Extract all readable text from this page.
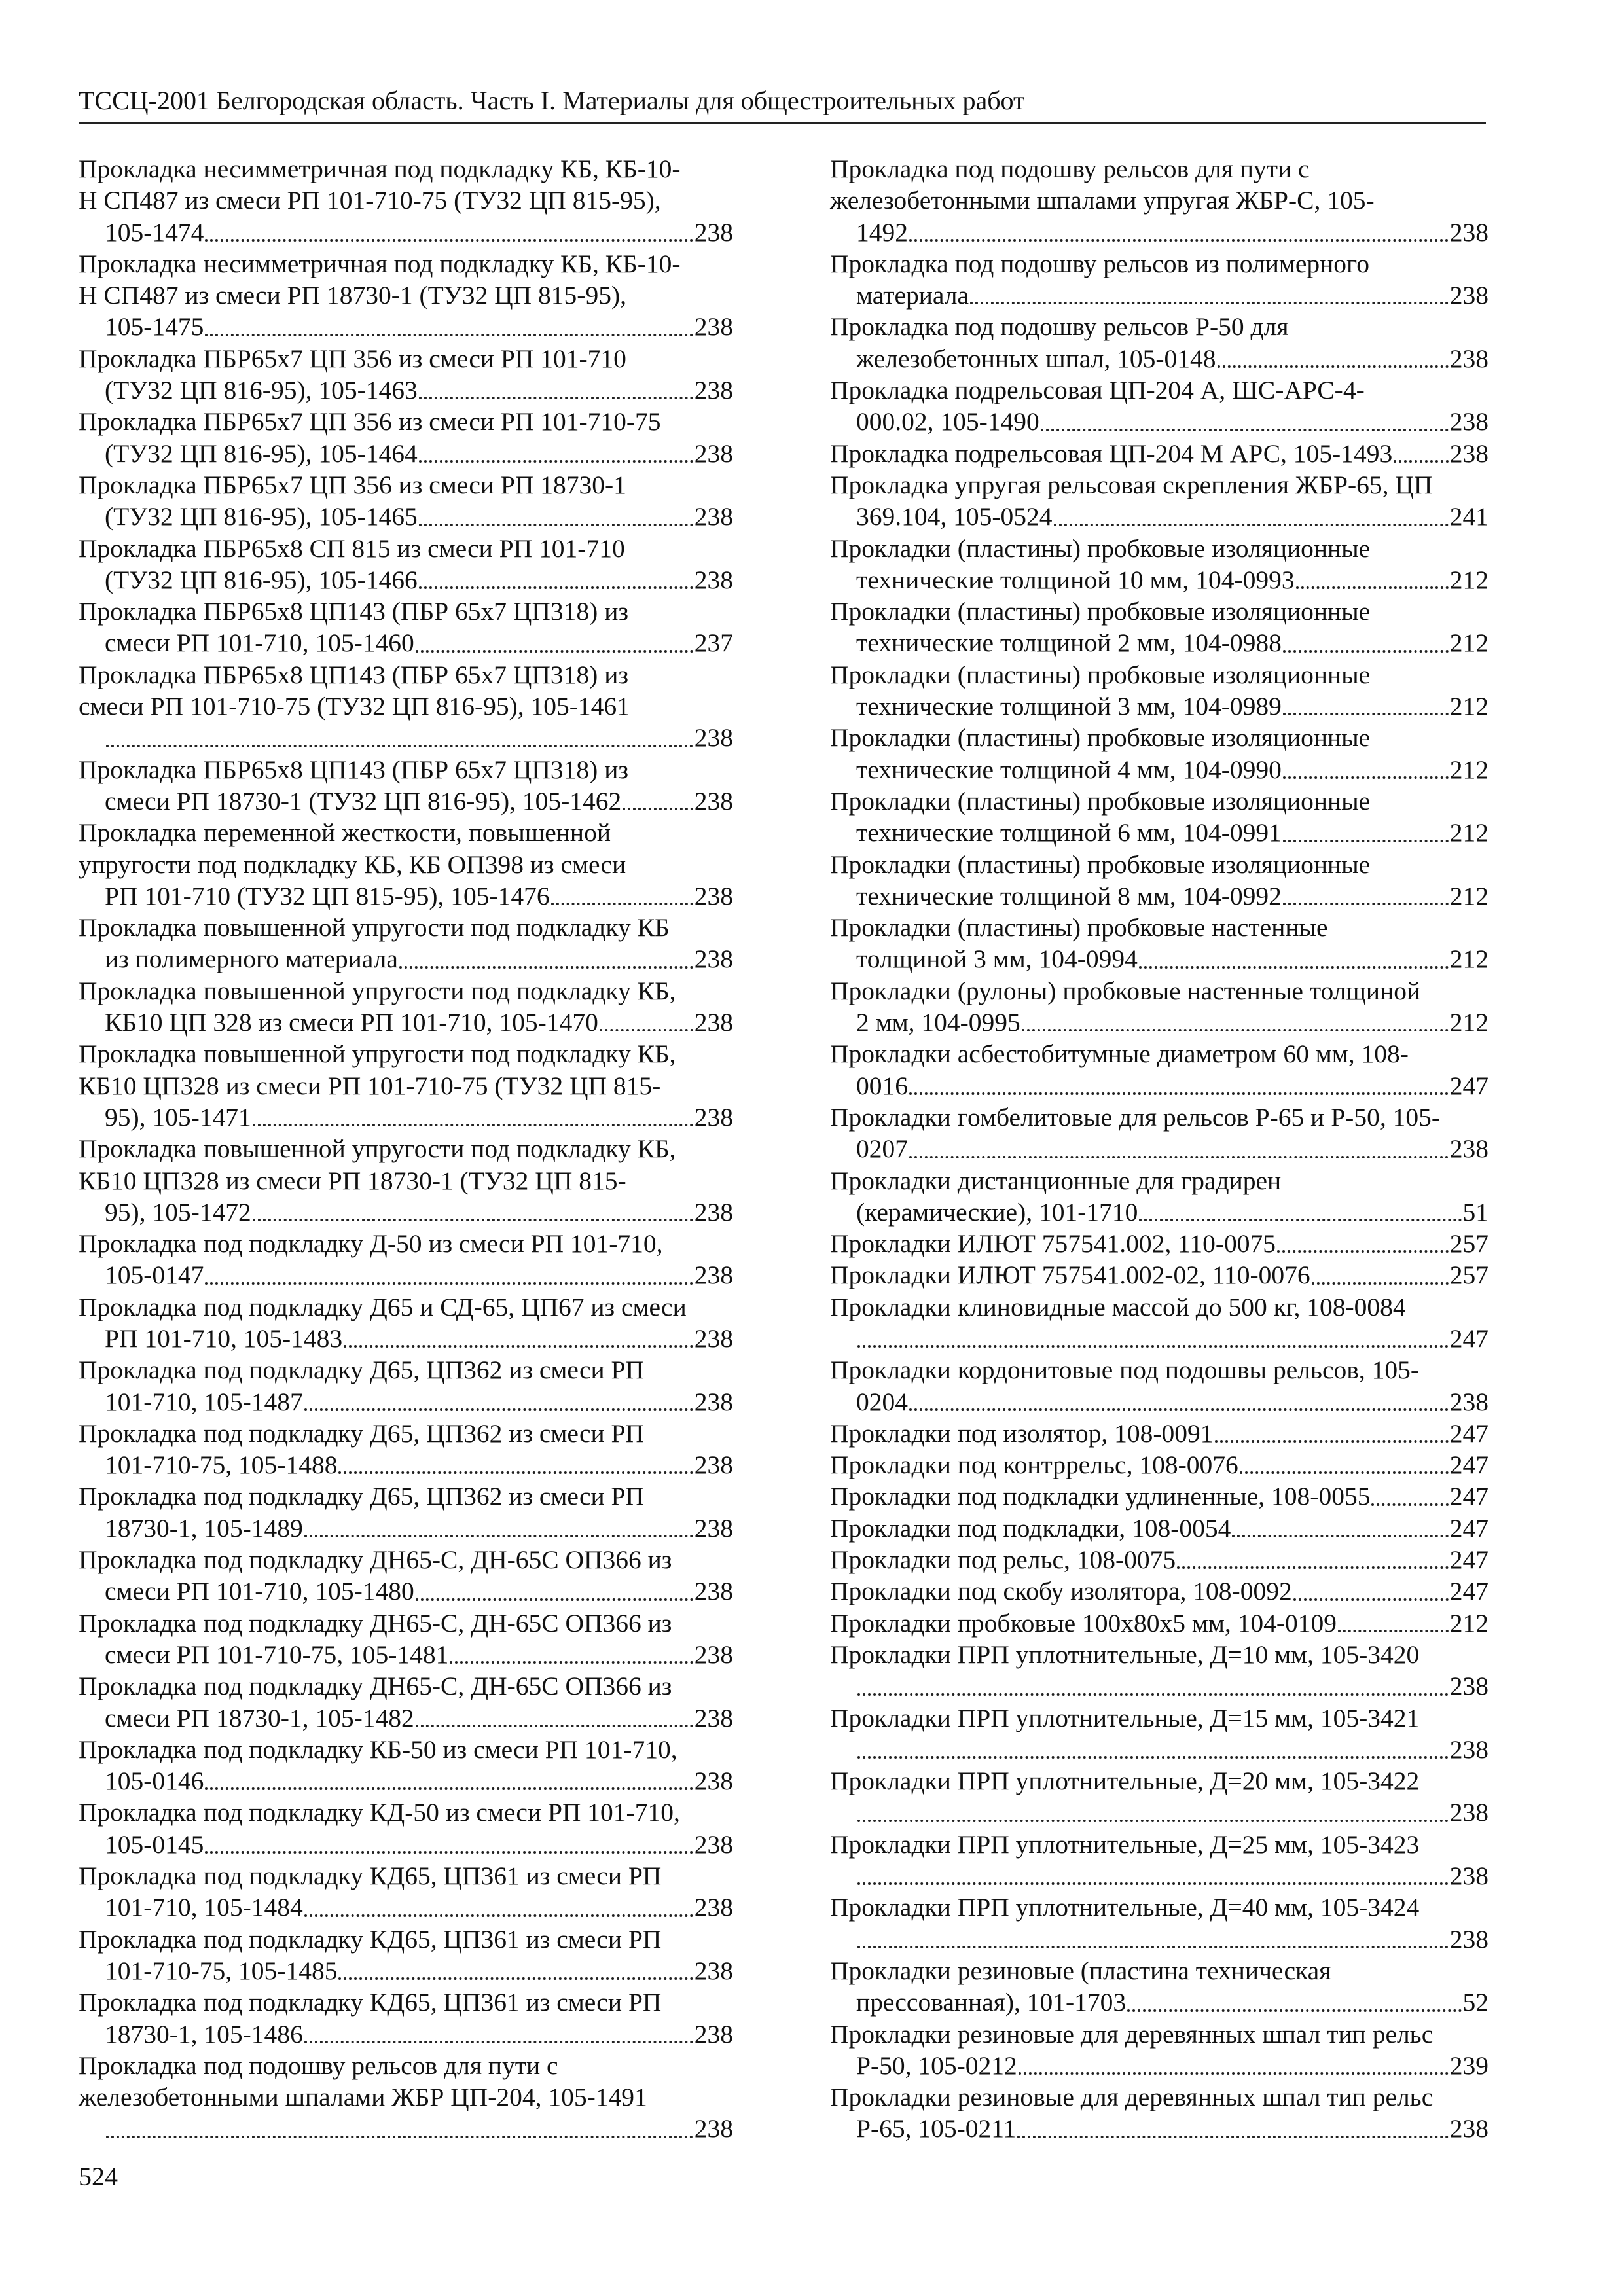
ТССЦ-2001 Белгородская область. Часть I. Материалы для общестроительных работ
Прокладка несимметричная под подкладку КБ, КБ-10-
Н СП487 из смеси РП 101-710-75 (ТУ32 ЦП 815-95),
105-1474	238
Прокладка несимметричная под подкладку КБ, КБ-10-
Н СП487 из смеси РП 18730-1 (ТУ32 ЦП 815-95),
105-1475	238
Прокладка ПБР65х7 ЦП 356 из смеси РП 101-710
(ТУ32 ЦП 816-95), 105-1463	238
Прокладка ПБР65х7 ЦП 356 из смеси РП 101-710-75
(ТУ32 ЦП 816-95), 105-1464	238
Прокладка ПБР65х7 ЦП 356 из смеси РП 18730-1
(ТУ32 ЦП 816-95), 105-1465	238
Прокладка ПБР65х8 СП 815 из смеси РП 101-710
(ТУ32 ЦП 816-95), 105-1466	238
Прокладка ПБР65х8 ЦП143 (ПБР 65х7 ЦП318) из
смеси РП 101-710, 105-1460	237
Прокладка ПБР65х8 ЦП143 (ПБР 65х7 ЦП318) из
смеси РП 101-710-75 (ТУ32 ЦП 816-95), 105-1461
238
Прокладка ПБР65х8 ЦП143 (ПБР 65х7 ЦП318) из
смеси РП 18730-1 (ТУ32 ЦП 816-95), 105-1462	238
Прокладка переменной жесткости, повышенной
упругости под подкладку КБ, КБ ОП398 из смеси
РП 101-710 (ТУ32 ЦП 815-95), 105-1476	238
Прокладка повышенной упругости под подкладку КБ
из полимерного материала	238
Прокладка повышенной упругости под подкладку КБ,
КБ10 ЦП 328 из смеси РП 101-710, 105-1470	238
Прокладка повышенной упругости под подкладку КБ,
КБ10 ЦП328 из смеси РП 101-710-75 (ТУ32 ЦП 815-
95), 105-1471	238
Прокладка повышенной упругости под подкладку КБ,
КБ10 ЦП328 из смеси РП 18730-1 (ТУ32 ЦП 815-
95), 105-1472	238
Прокладка под подкладку Д-50 из смеси РП 101-710,
105-0147	238
Прокладка под подкладку Д65 и СД-65, ЦП67 из смеси
РП 101-710, 105-1483	238
Прокладка под подкладку Д65, ЦП362 из смеси РП
101-710, 105-1487	238
Прокладка под подкладку Д65, ЦП362 из смеси РП
101-710-75, 105-1488	238
Прокладка под подкладку Д65, ЦП362 из смеси РП
18730-1, 105-1489	238
Прокладка под подкладку ДН65-С, ДН-65С ОП366 из
смеси РП 101-710, 105-1480	238
Прокладка под подкладку ДН65-С, ДН-65С ОП366 из
смеси РП 101-710-75, 105-1481	238
Прокладка под подкладку ДН65-С, ДН-65С ОП366 из
смеси РП 18730-1, 105-1482	238
Прокладка под подкладку КБ-50 из смеси РП 101-710,
105-0146	238
Прокладка под подкладку КД-50 из смеси РП 101-710,
105-0145	238
Прокладка под подкладку КД65, ЦП361 из смеси РП
101-710, 105-1484	238
Прокладка под подкладку КД65, ЦП361 из смеси РП
101-710-75, 105-1485	238
Прокладка под подкладку КД65, ЦП361 из смеси РП
18730-1, 105-1486	238
Прокладка под подошву рельсов для пути с
железобетонными шпалами ЖБР ЦП-204, 105-1491
238
Прокладка под подошву рельсов для пути с
железобетонными шпалами упругая ЖБР-С, 105-
1492	238
Прокладка под подошву рельсов из полимерного
материала	238
Прокладка под подошву рельсов Р-50 для
железобетонных шпал, 105-0148	238
Прокладка подрельсовая ЦП-204 А, ШС-АРС-4-
000.02, 105-1490	238
Прокладка подрельсовая ЦП-204 М АРС, 105-1493 238
Прокладка упругая рельсовая скрепления ЖБР-65, ЦП
369.104, 105-0524	241
Прокладки (пластины) пробковые изоляционные
технические толщиной 10 мм, 104-0993	212
Прокладки (пластины) пробковые изоляционные
технические толщиной 2 мм, 104-0988	212
Прокладки (пластины) пробковые изоляционные
технические толщиной 3 мм, 104-0989	212
Прокладки (пластины) пробковые изоляционные
технические толщиной 4 мм, 104-0990	212
Прокладки (пластины) пробковые изоляционные
технические толщиной 6 мм, 104-0991	212
Прокладки (пластины) пробковые изоляционные
технические толщиной 8 мм, 104-0992	212
Прокладки (пластины) пробковые настенные
толщиной 3 мм, 104-0994	212
Прокладки (рулоны) пробковые настенные толщиной
2 мм, 104-0995	212
Прокладки асбестобитумные диаметром 60 мм, 108-
0016	247
Прокладки гомбелитовые для рельсов Р-65 и Р-50, 105-
0207	238
Прокладки дистанционные для градирен
(керамические), 101-1710	51
Прокладки ИЛЮТ 757541.002, 110-0075	257
Прокладки ИЛЮТ 757541.002-02, 110-0076	257
Прокладки клиновидные массой до 500 кг, 108-0084
247
Прокладки кордонитовые под подошвы рельсов, 105-
0204	238
Прокладки под изолятор, 108-0091	247
Прокладки под контррельс, 108-0076	247
Прокладки под подкладки удлиненные, 108-0055	247
Прокладки под подкладки, 108-0054	247
Прокладки под рельс, 108-0075	247
Прокладки под скобу изолятора, 108-0092	247
Прокладки пробковые 100х80х5 мм, 104-0109	212
Прокладки ПРП уплотнительные, Д=10 мм, 105-3420
238
Прокладки ПРП уплотнительные, Д=15 мм, 105-3421
238
Прокладки ПРП уплотнительные, Д=20 мм, 105-3422
238
Прокладки ПРП уплотнительные, Д=25 мм, 105-3423
238
Прокладки ПРП уплотнительные, Д=40 мм, 105-3424
238
Прокладки резиновые (пластина техническая
прессованная), 101-1703	52
Прокладки резиновые для деревянных шпал тип рельс
Р-50, 105-0212	239
Прокладки резиновые для деревянных шпал тип рельс
Р-65, 105-0211	238
524
